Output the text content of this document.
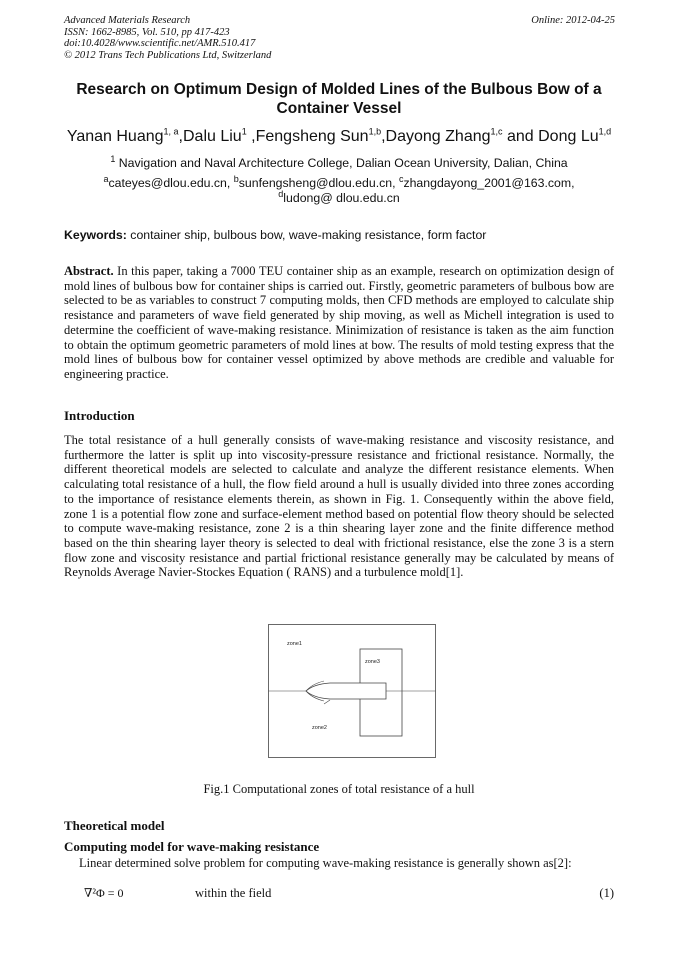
Advanced Materials Research
ISSN: 1662-8985, Vol. 510, pp 417-423
doi:10.4028/www.scientific.net/AMR.510.417
© 2012 Trans Tech Publications Ltd, Switzerland
Online: 2012-04-25
Research on Optimum Design of Molded Lines of the Bulbous Bow of a Container Vessel
Yanan Huang$^{1, a}$,Dalu Liu$^1$ ,Fengsheng Sun$^{1,b}$,Dayong Zhang$^{1,c}$ and Dong Lu$^{1,d}$
$^1$ Navigation and Naval Architecture College, Dalian Ocean University, Dalian, China
$^a$cateyes@dlou.edu.cn, $^b$sunfengsheng@dlou.edu.cn, $^c$zhangdayong_2001@163.com,
$^d$ludong@ dlou.edu.cn
Keywords: container ship, bulbous bow, wave-making resistance, form factor
Abstract. In this paper, taking a 7000 TEU container ship as an example, research on optimization design of mold lines of bulbous bow for container ships is carried out. Firstly, geometric parameters of bulbous bow are selected to be as variables to construct 7 computing molds, then CFD methods are employed to calculate ship resistance and parameters of wave field generated by ship moving, as well as Michell integration is used to determine the coefficient of wave-making resistance. Minimization of resistance is taken as the aim function to obtain the optimum geometric parameters of mold lines at bow. The results of mold testing express that the mold lines of bulbous bow for container vessel optimized by above methods are credible and valuable for engineering practice.
Introduction
The total resistance of a hull generally consists of wave-making resistance and viscosity resistance, and furthermore the latter is split up into viscosity-pressure resistance and frictional resistance. Normally, the different theoretical models are selected to calculate and analyze the different resistance elements. When calculating total resistance of a hull, the flow field around a hull is usually divided into three zones according to the importance of resistance elements therein, as shown in Fig. 1. Consequently within the above field, zone 1 is a potential flow zone and surface-element method based on potential flow theory should be selected to compute wave-making resistance, zone 2 is a thin shearing layer zone and the finite difference method based on the thin shearing layer theory is selected to deal with frictional resistance, else the zone 3 is a stern flow zone and viscosity resistance and partial frictional resistance generally may be calculated by means of Reynolds Average Navier-Stockes Equation ( RANS) and a turbulence mold[1].
zone1
zone3
zone2
Fig.1 Computational zones of total resistance of a hull
Theoretical model
Computing model for wave-making resistance
Linear determined solve problem for computing wave-making resistance is generally shown as[2]:
∇²Φ = 0	within the field	(1)
